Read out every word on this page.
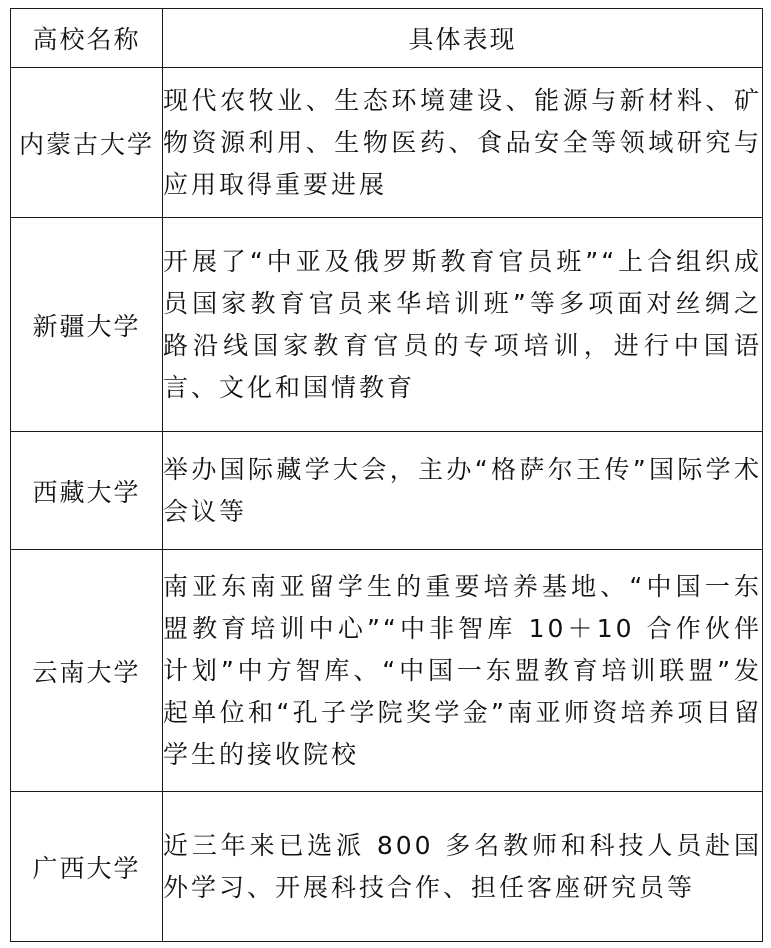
高校名称	具体表现
内蒙古大学	现代农牧业、生态环境建设、能源与新材料、矿物资源利用、生物医药、食品安全等领域研究与应用取得重要进展
新疆大学	开展了“中亚及俄罗斯教育官员班”“上合组织成员国家教育官员来华培训班”等多项面对丝绸之路沿线国家教育官员的专项培训，进行中国语言、文化和国情教育
西藏大学	举办国际藏学大会，主办“格萨尔王传”国际学术会议等
云南大学	南亚东南亚留学生的重要培养基地、“中国一东盟教育培训中心”“中非智库 10＋10 合作伙伴计划”中方智库、“中国一东盟教育培训联盟”发起单位和“孔子学院奖学金”南亚师资培养项目留学生的接收院校
广西大学	近三年来已选派 800 多名教师和科技人员赴国外学习、开展科技合作、担任客座研究员等
